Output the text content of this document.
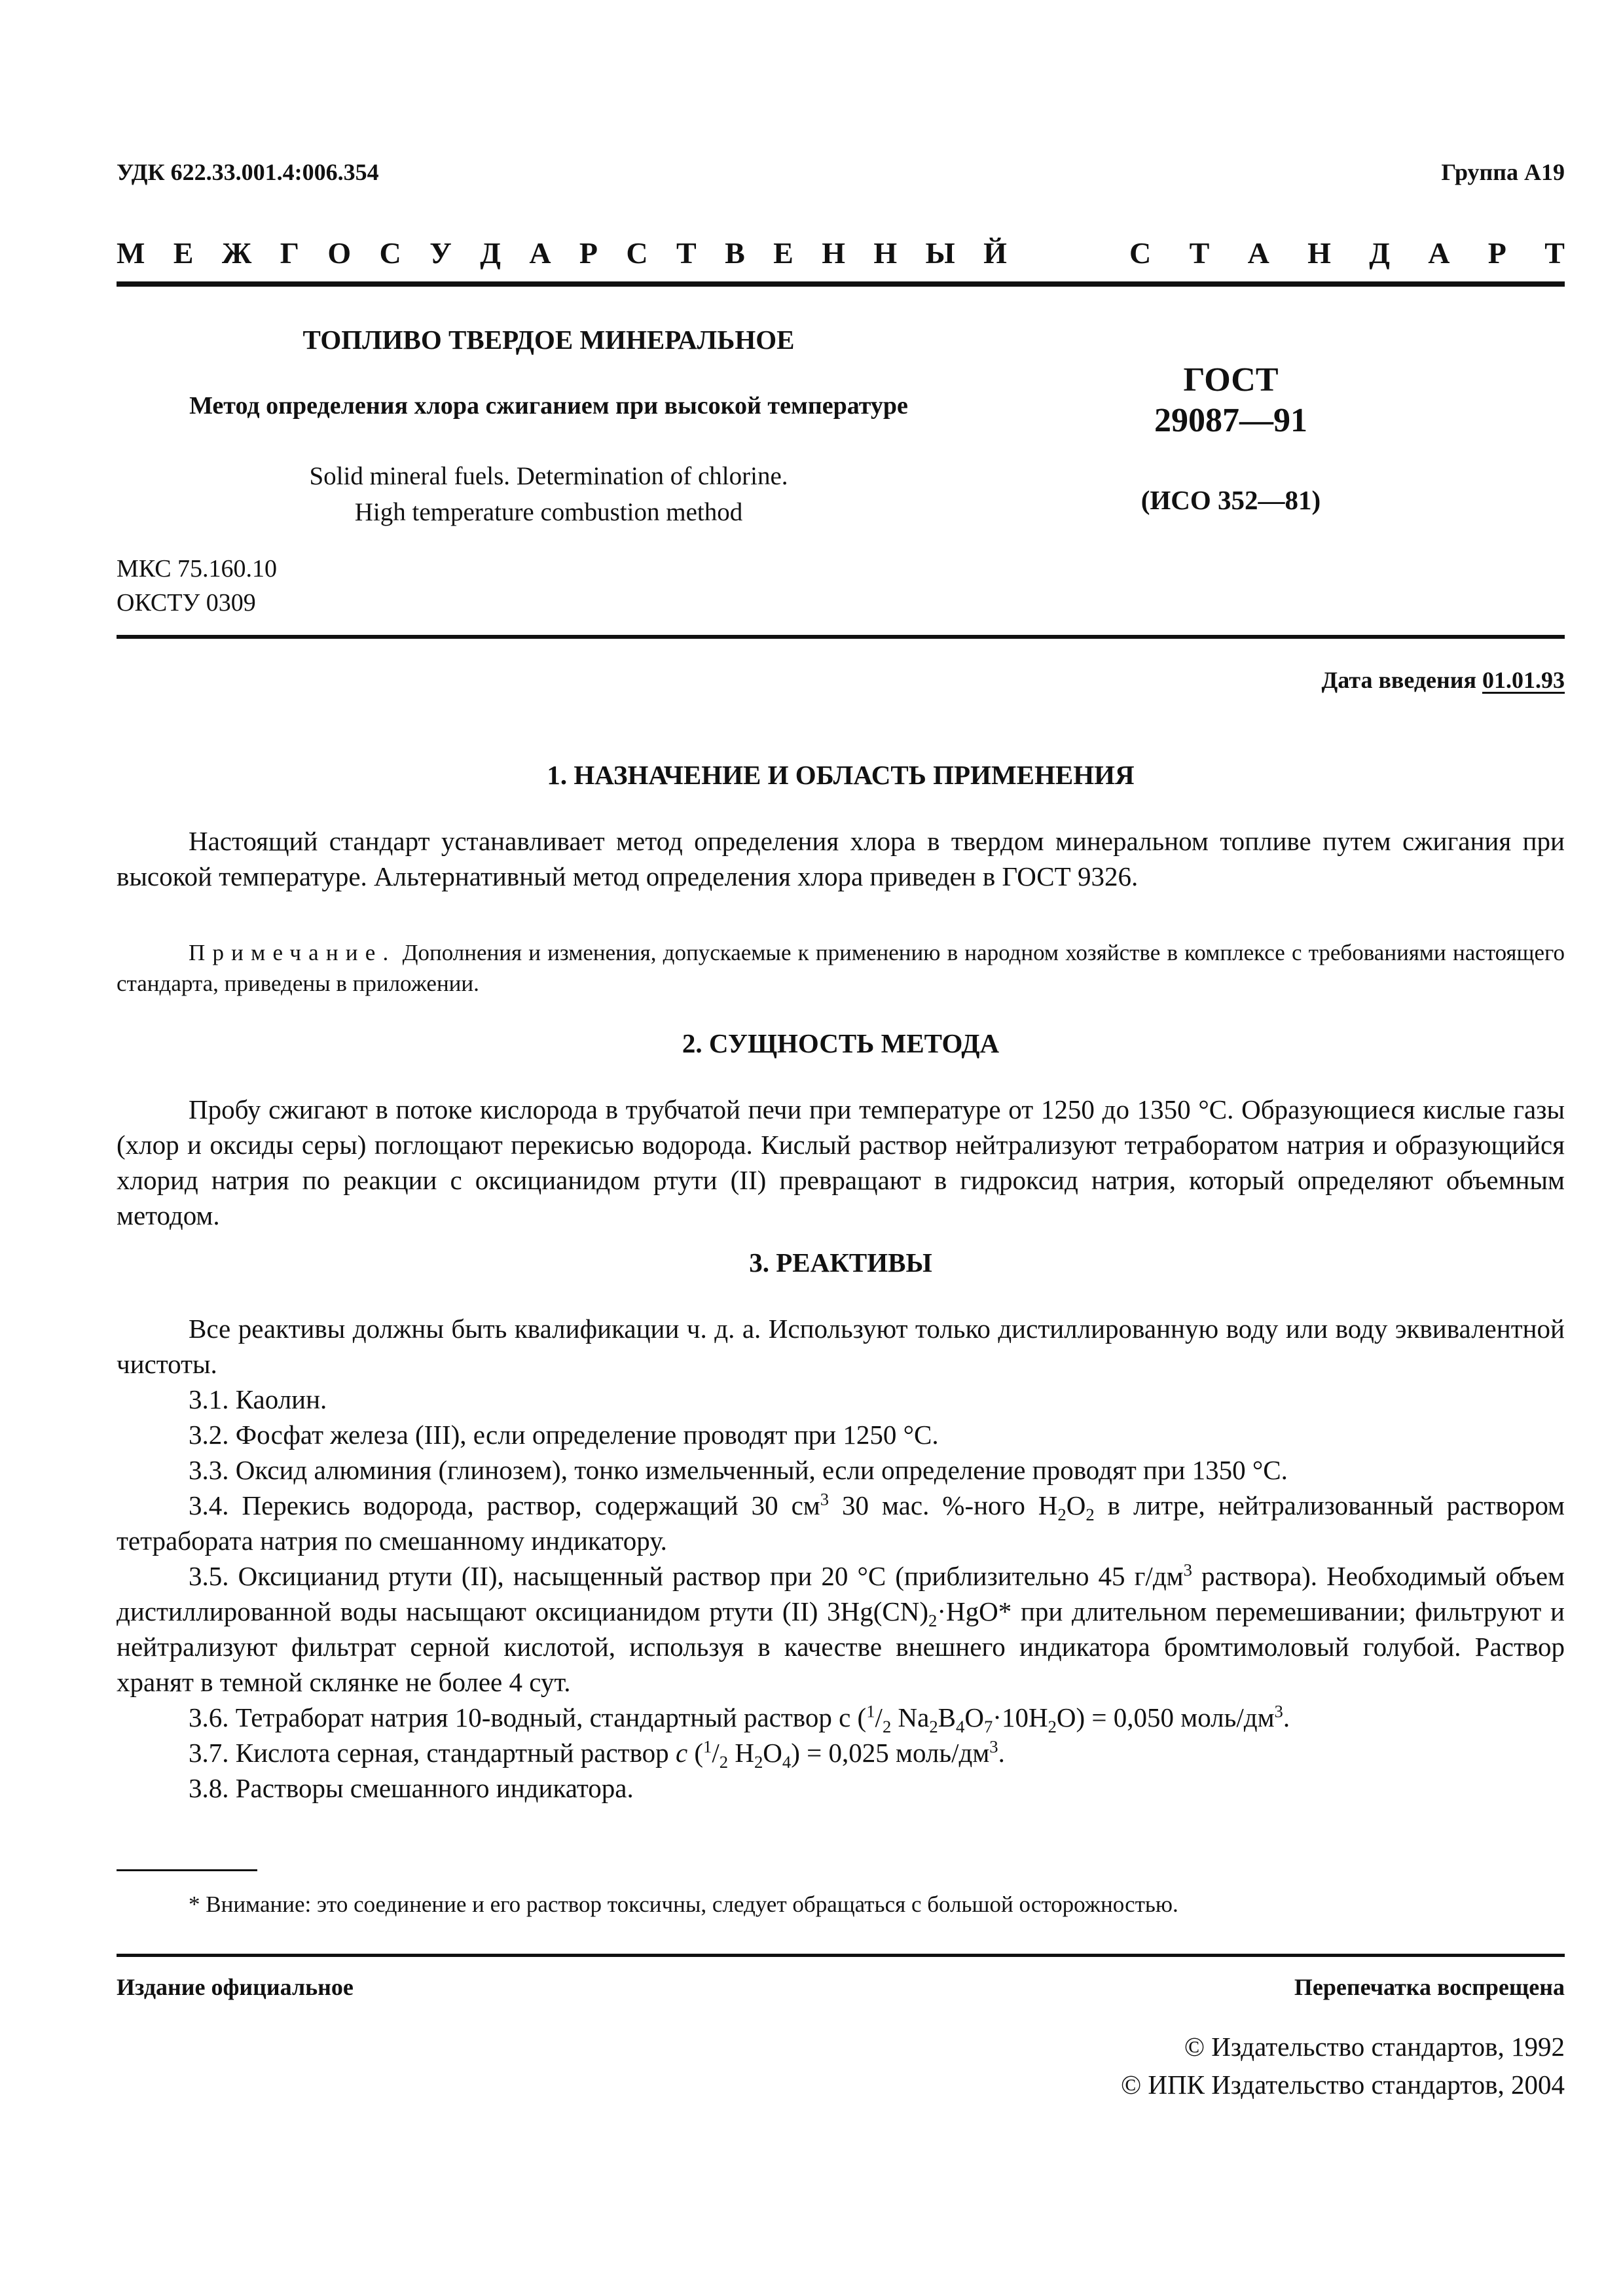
УДК 622.33.001.4:006.354	Группа А19
М Е Ж Г О С У Д А Р С Т В Е Н Н Ы Й	С Т А Н Д А Р Т
ТОПЛИВО ТВЕРДОЕ МИНЕРАЛЬНОЕ
Метод определения хлора сжиганием при высокой температуре
Solid mineral fuels. Determination of chlorine.
High temperature combustion method
ГОСТ
29087—91
(ИСО 352—81)
МКС 75.160.10
ОКСТУ 0309
Дата введения 01.01.93
1. НАЗНАЧЕНИЕ И ОБЛАСТЬ ПРИМЕНЕНИЯ

Настоящий стандарт устанавливает метод определения хлора в твердом минеральном топливе путем сжигания при высокой температуре. Альтернативный метод определения хлора приведен в ГОСТ 9326.

Примечание. Дополнения и изменения, допускаемые к применению в народном хозяйстве в комплексе с требованиями настоящего стандарта, приведены в приложении.

2. СУЩНОСТЬ МЕТОДА

Пробу сжигают в потоке кислорода в трубчатой печи при температуре от 1250 до 1350 °С. Образующиеся кислые газы (хлор и оксиды серы) поглощают перекисью водорода. Кислый раствор нейтрализуют тетраборатом натрия и образующийся хлорид натрия по реакции с оксицианидом ртути (II) превращают в гидроксид натрия, который определяют объемным методом.

3. РЕАКТИВЫ

Все реактивы должны быть квалификации ч. д. а. Используют только дистиллированную воду или воду эквивалентной чистоты.

3.1. Каолин.

3.2. Фосфат железа (III), если определение проводят при 1250 °С.

3.3. Оксид алюминия (глинозем), тонко измельченный, если определение проводят при 1350 °С.

3.4. Перекись водорода, раствор, содержащий 30 $см^3$ 30 мас. %-ного $H_2O_2$ в литре, нейтрализованный раствором тетрабората натрия по смешанному индикатору.

3.5. Оксицианид ртути (II), насыщенный раствор при 20 °С (приблизительно 45 $г/дм^3$ раствора). Необходимый объем дистиллированной воды насыщают оксицианидом ртути (II) $3Hg(CN)_2\cdot HgO*$ при длительном перемешивании; фильтруют и нейтрализуют фильтрат серной кислотой, используя в качестве внешнего индикатора бромтимоловый голубой. Раствор хранят в темной склянке не более 4 сут.

3.6. Тетраборат натрия 10-водный, стандартный раствор с ($^1/_2$ $Na_2B_4O_7\cdot 10H_2O) = 0,050$ моль/$дм^3$.

3.7. Кислота серная, стандартный раствор c ($^1/_2$ $H_2O_4) = 0,025$ моль/$дм^3$.

3.8. Растворы смешанного индикатора.

* Внимание: это соединение и его раствор токсичны, следует обращаться с большой осторожностью.

Издание официальное	Перепечатка воспрещена
© Издательство стандартов, 1992
© ИПК Издательство стандартов, 2004
